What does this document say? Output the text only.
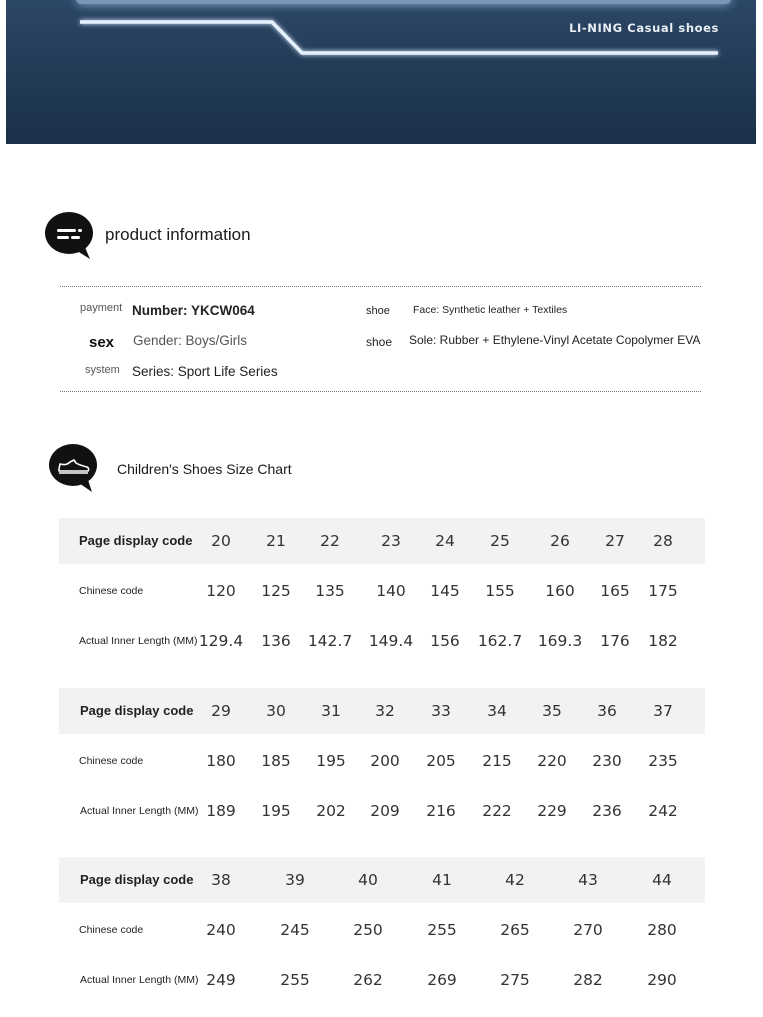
LI-NING Casual shoes
product information
payment Number: YKCW064	shoe Face: Synthetic leather + Textiles
sex Gender: Boys/Girls	shoe Sole: Rubber + Ethylene-Vinyl Acetate Copolymer EVA
system Series: Sport Life Series
Children's Shoes Size Chart
Page display code	20	21	22	23	24	25	26	27	28
Chinese code	120	125	135	140	145	155	160	165	175
Actual Inner Length (MM) 129.4	136	142.7	149.4	156	162.7	169.3	176	182
Page display code	29	30	31	32	33	34	35	36	37
Chinese code	180	185	195	200	205	215	220	230	235
Actual Inner Length (MM) 189	195	202	209	216	222	229	236	242
Page display code	38	39	40	41	42	43	44
Chinese code	240	245	250	255	265	270	280
Actual Inner Length (MM) 249	255	262	269	275	282	290
